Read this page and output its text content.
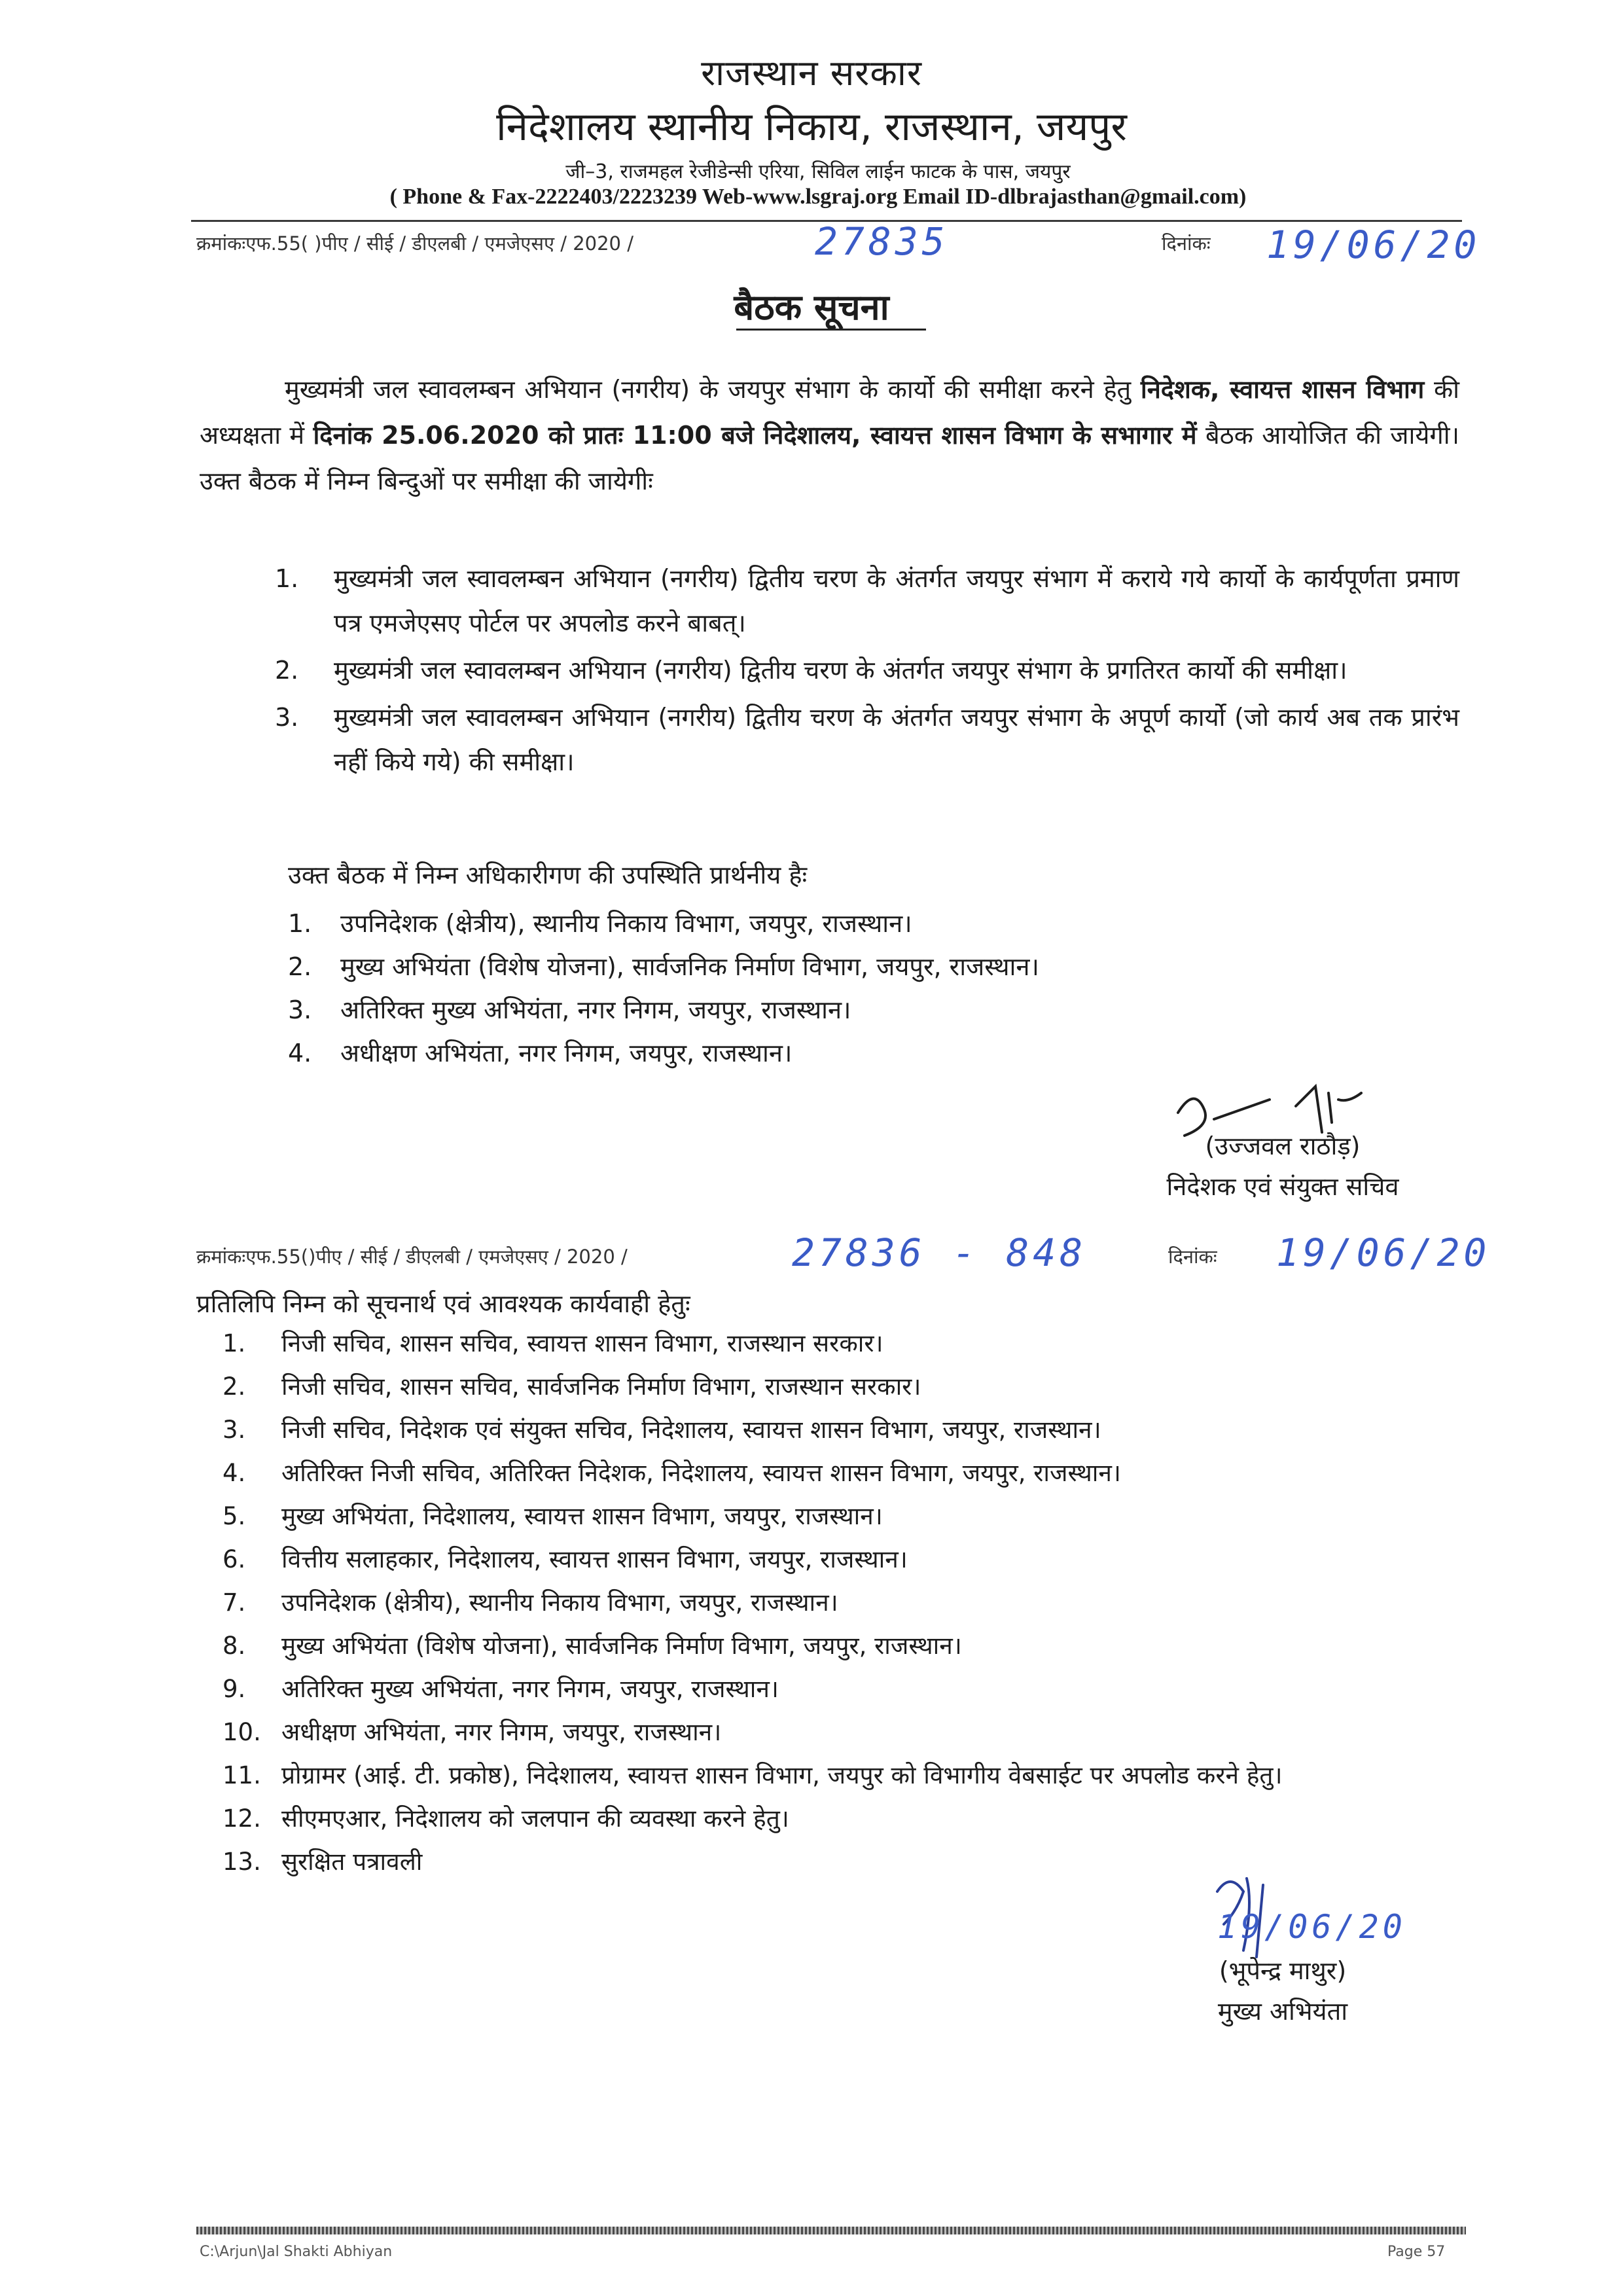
राजस्थान सरकार
निदेशालय स्थानीय निकाय, राजस्थान, जयपुर
जी–3, राजमहल रेजीडेन्सी एरिया, सिविल लाईन फाटक के पास, जयपुर
( Phone & Fax-2222403/2223239 Web-www.lsgraj.org Email ID-dlbrajasthan@gmail.com)
क्रमांकःएफ.55( )पीए / सीई / डीएलबी / एमजेएसए / 2020 /	27835	दिनांकः 19/06/20
बैठक सूचना
मुख्यमंत्री जल स्वावलम्बन अभियान (नगरीय) के जयपुर संभाग के कार्यो की समीक्षा करने हेतु निदेशक, स्वायत्त शासन विभाग की अध्यक्षता में दिनांक 25.06.2020 को प्रातः 11:00 बजे निदेशालय, स्वायत्त शासन विभाग के सभागार में बैठक आयोजित की जायेगी। उक्त बैठक में निम्न बिन्दुओं पर समीक्षा की जायेगीः
1. मुख्यमंत्री जल स्वावलम्बन अभियान (नगरीय) द्वितीय चरण के अंतर्गत जयपुर संभाग में कराये गये कार्यो के कार्यपूर्णता प्रमाण पत्र एमजेएसए पोर्टल पर अपलोड करने बाबत्।
2. मुख्यमंत्री जल स्वावलम्बन अभियान (नगरीय) द्वितीय चरण के अंतर्गत जयपुर संभाग के प्रगतिरत कार्यो की समीक्षा।
3. मुख्यमंत्री जल स्वावलम्बन अभियान (नगरीय) द्वितीय चरण के अंतर्गत जयपुर संभाग के अपूर्ण कार्यो (जो कार्य अब तक प्रारंभ नहीं किये गये) की समीक्षा।
उक्त बैठक में निम्न अधिकारीगण की उपस्थिति प्रार्थनीय हैः
1. उपनिदेशक (क्षेत्रीय), स्थानीय निकाय विभाग, जयपुर, राजस्थान।
2. मुख्य अभियंता (विशेष योजना), सार्वजनिक निर्माण विभाग, जयपुर, राजस्थान।
3. अतिरिक्त मुख्य अभियंता, नगर निगम, जयपुर, राजस्थान।
4. अधीक्षण अभियंता, नगर निगम, जयपुर, राजस्थान।
(उज्जवल राठौड़)
निदेशक एवं संयुक्त सचिव
क्रमांकःएफ.55()पीए / सीई / डीएलबी / एमजेएसए / 2020 /	27836 - 848	दिनांकः 19/06/20
प्रतिलिपि निम्न को सूचनार्थ एवं आवश्यक कार्यवाही हेतुः
1. निजी सचिव, शासन सचिव, स्वायत्त शासन विभाग, राजस्थान सरकार।
2. निजी सचिव, शासन सचिव, सार्वजनिक निर्माण विभाग, राजस्थान सरकार।
3. निजी सचिव, निदेशक एवं संयुक्त सचिव, निदेशालय, स्वायत्त शासन विभाग, जयपुर, राजस्थान।
4. अतिरिक्त निजी सचिव, अतिरिक्त निदेशक, निदेशालय, स्वायत्त शासन विभाग, जयपुर, राजस्थान।
5. मुख्य अभियंता, निदेशालय, स्वायत्त शासन विभाग, जयपुर, राजस्थान।
6. वित्तीय सलाहकार, निदेशालय, स्वायत्त शासन विभाग, जयपुर, राजस्थान।
7. उपनिदेशक (क्षेत्रीय), स्थानीय निकाय विभाग, जयपुर, राजस्थान।
8. मुख्य अभियंता (विशेष योजना), सार्वजनिक निर्माण विभाग, जयपुर, राजस्थान।
9. अतिरिक्त मुख्य अभियंता, नगर निगम, जयपुर, राजस्थान।
10. अधीक्षण अभियंता, नगर निगम, जयपुर, राजस्थान।
11. प्रोग्रामर (आई. टी. प्रकोष्ठ), निदेशालय, स्वायत्त शासन विभाग, जयपुर को विभागीय वेबसाईट पर अपलोड करने हेतु।
12. सीएमएआर, निदेशालय को जलपान की व्यवस्था करने हेतु।
13. सुरक्षित पत्रावली
19/06/20
(भूपेन्द्र माथुर)
मुख्य अभियंता
C:\Arjun\Jal Shakti Abhiyan	Page 57
